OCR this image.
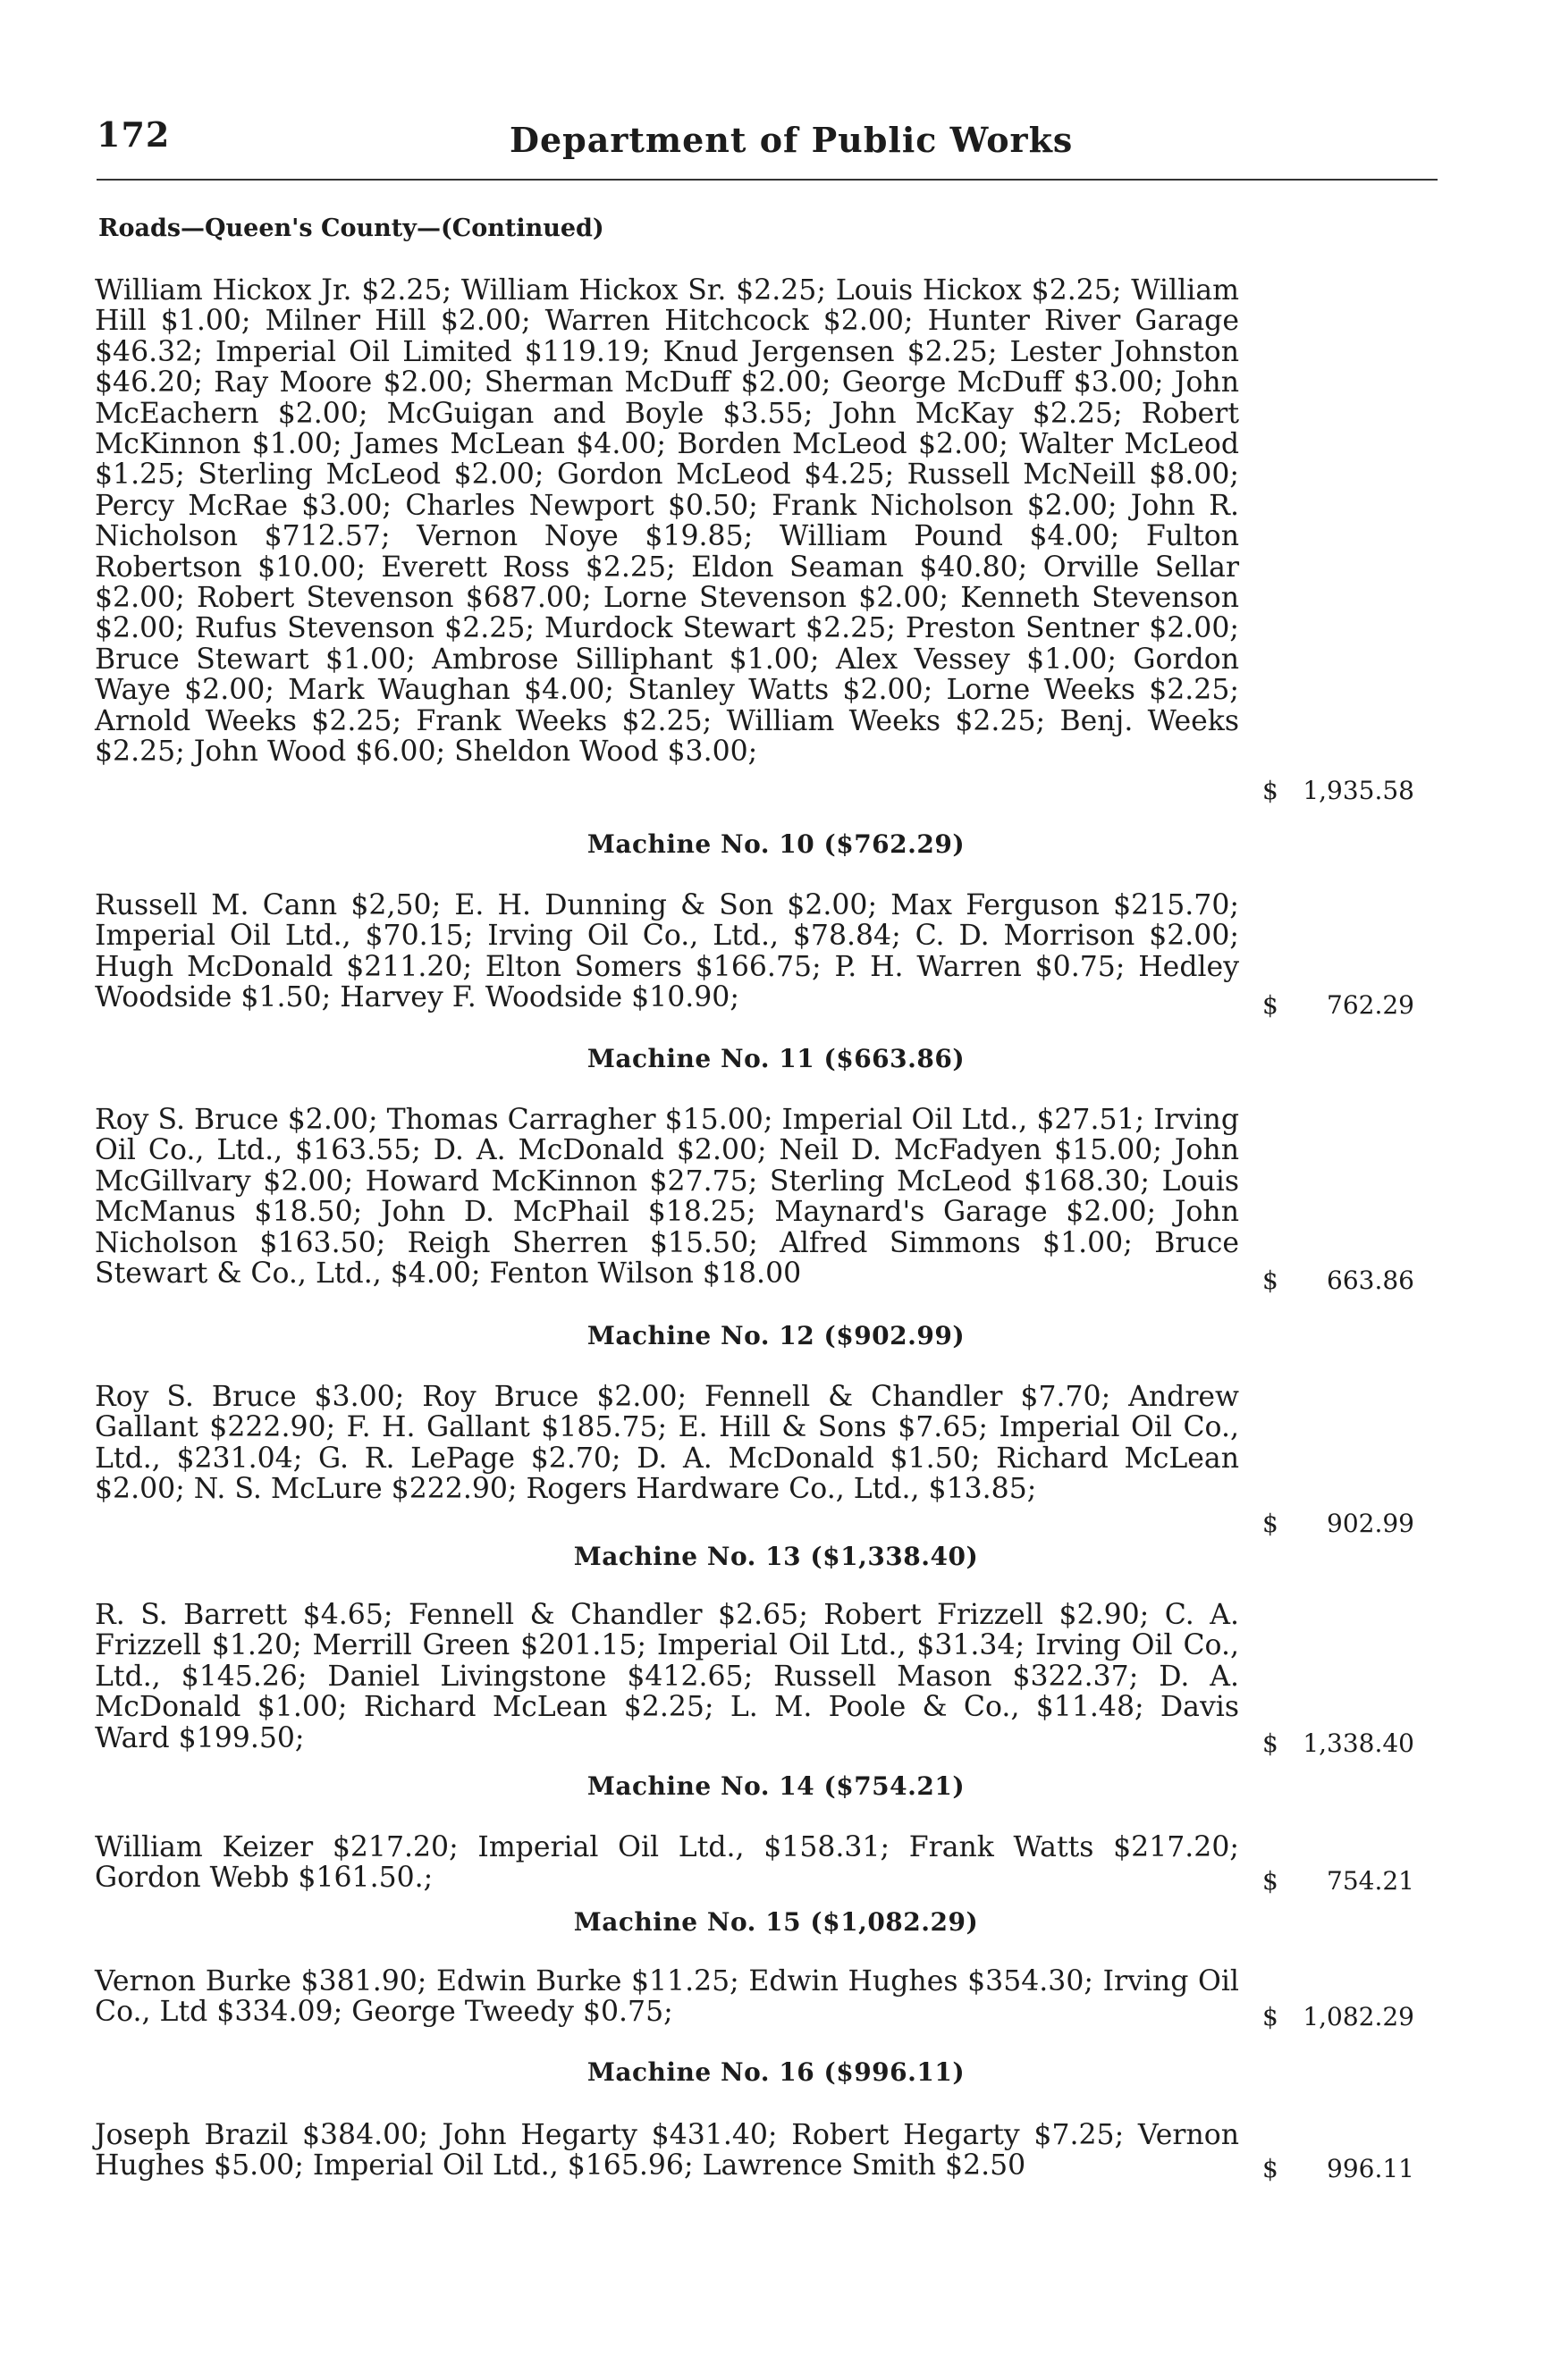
172	Department of Public Works
Roads—Queen's County—(Continued)

William Hickox Jr. $2.25; William Hickox Sr. $2.25; Louis Hickox $2.25; William Hill $1.00; Milner Hill $2.00; Warren Hitchcock $2.00; Hunter River Garage $46.32; Imperial Oil Limited $119.19; Knud Jergensen $2.25; Lester Johnston $46.20; Ray Moore $2.00; Sherman McDuff $2.00; George McDuff $3.00; John McEachern $2.00; McGuigan and Boyle $3.55; John McKay $2.25; Robert McKinnon $1.00; James McLean $4.00; Borden McLeod $2.00; Walter McLeod $1.25; Sterling McLeod $2.00; Gordon McLeod $4.25; Russell McNeill $8.00; Percy McRae $3.00; Charles Newport $0.50; Frank Nicholson $2.00; John R. Nicholson $712.57; Vernon Noye $19.85; William Pound $4.00; Fulton Robertson $10.00; Everett Ross $2.25; Eldon Seaman $40.80; Orville Sellar $2.00; Robert Stevenson $687.00; Lorne Stevenson $2.00; Kenneth Stevenson $2.00; Rufus Stevenson $2.25; Murdock Stewart $2.25; Preston Sentner $2.00; Bruce Stewart $1.00; Ambrose Silliphant $1.00; Alex Vessey $1.00; Gordon Waye $2.00; Mark Waughan $4.00; Stanley Watts $2.00; Lorne Weeks $2.25; Arnold Weeks $2.25; Frank Weeks $2.25; William Weeks $2.25; Benj. Weeks $2.25; John Wood $6.00; Sheldon Wood $3.00;

$ 1,935.58
Machine No. 10 ($762.29)

Russell M. Cann $2,50; E. H. Dunning & Son $2.00; Max Ferguson $215.70; Imperial Oil Ltd., $70.15; Irving Oil Co., Ltd., $78.84; C. D. Morrison $2.00; Hugh McDonald $211.20; Elton Somers $166.75; P. H. Warren $0.75; Hedley Woodside $1.50; Harvey F. Woodside $10.90;	$ 762.29
Machine No. 11 ($663.86)

Roy S. Bruce $2.00; Thomas Carragher $15.00; Imperial Oil Ltd., $27.51; Irving Oil Co., Ltd., $163.55; D. A. McDonald $2.00; Neil D. McFadyen $15.00; John McGillvary $2.00; Howard McKinnon $27.75; Sterling McLeod $168.30; Louis McManus $18.50; John D. McPhail $18.25; Maynard's Garage $2.00; John Nicholson $163.50; Reigh Sherren $15.50; Alfred Simmons $1.00; Bruce Stewart & Co., Ltd., $4.00; Fenton Wilson $18.00	$ 663.86
Machine No. 12 ($902.99)

Roy S. Bruce $3.00; Roy Bruce $2.00; Fennell & Chandler $7.70; Andrew Gallant $222.90; F. H. Gallant $185.75; E. Hill & Sons $7.65; Imperial Oil Co., Ltd., $231.04; G. R. LePage $2.70; D. A. McDonald $1.50; Richard McLean $2.00; N. S. McLure $222.90; Rogers Hardware Co., Ltd., $13.85;

$ 902.99
Machine No. 13 ($1,338.40)

R. S. Barrett $4.65; Fennell & Chandler $2.65; Robert Frizzell $2.90; C. A. Frizzell $1.20; Merrill Green $201.15; Imperial Oil Ltd., $31.34; Irving Oil Co., Ltd., $145.26; Daniel Livingstone $412.65; Russell Mason $322.37; D. A. McDonald $1.00; Richard McLean $2.25; L. M. Poole & Co., $11.48; Davis Ward $199.50;	$ 1,338.40
Machine No. 14 ($754.21)

William Keizer $217.20; Imperial Oil Ltd., $158.31; Frank Watts $217.20; Gordon Webb $161.50.;	$ 754.21
Machine No. 15 ($1,082.29)

Vernon Burke $381.90; Edwin Burke $11.25; Edwin Hughes $354.30; Irving Oil Co., Ltd $334.09; George Tweedy $0.75;	$ 1,082.29
Machine No. 16 ($996.11)

Joseph Brazil $384.00; John Hegarty $431.40; Robert Hegarty $7.25; Vernon Hughes $5.00; Imperial Oil Ltd., $165.96; Lawrence Smith $2.50	$ 996.11
